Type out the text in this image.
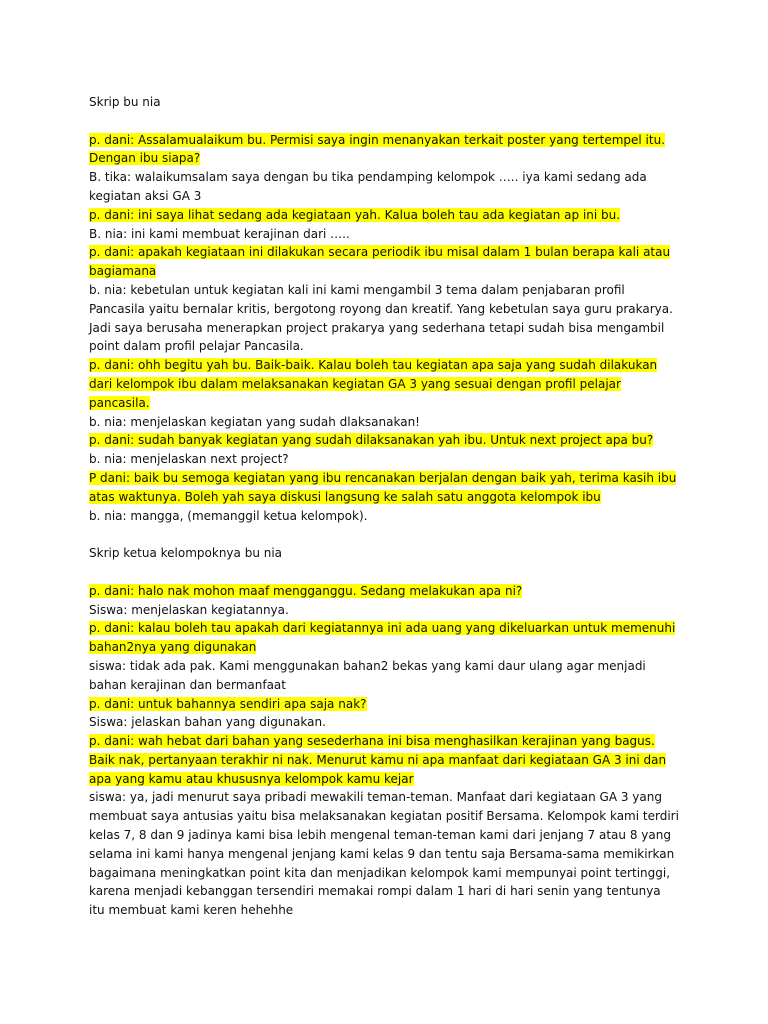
Skrip bu nia

p. dani: Assalamualaikum bu. Permisi saya ingin menanyakan terkait poster yang tertempel itu. Dengan ibu siapa?

B. tika: walaikumsalam saya dengan bu tika pendamping kelompok ….. iya kami sedang ada kegiatan aksi GA 3

p. dani: ini saya lihat sedang ada kegiataan yah. Kalua boleh tau ada kegiatan ap ini bu.

B. nia: ini kami membuat kerajinan dari …..

p. dani: apakah kegiataan ini dilakukan secara periodik ibu misal dalam 1 bulan berapa kali atau bagiamana

b. nia: kebetulan untuk kegiatan kali ini kami mengambil 3 tema dalam penjabaran profil Pancasila yaitu bernalar kritis, bergotong royong dan kreatif. Yang kebetulan saya guru prakarya. Jadi saya berusaha menerapkan project prakarya yang sederhana tetapi sudah bisa mengambil point dalam profil pelajar Pancasila.

p. dani: ohh begitu yah bu. Baik-baik. Kalau boleh tau kegiatan apa saja yang sudah dilakukan dari kelompok ibu dalam melaksanakan kegiatan GA 3 yang sesuai dengan profil pelajar pancasila.

b. nia: menjelaskan kegiatan yang sudah dlaksanakan!

p. dani: sudah banyak kegiatan yang sudah dilaksanakan yah ibu. Untuk next project apa bu?

b. nia: menjelaskan next project?

P dani: baik bu semoga kegiatan yang ibu rencanakan berjalan dengan baik yah, terima kasih ibu atas waktunya. Boleh yah saya diskusi langsung ke salah satu anggota kelompok ibu

b. nia: mangga, (memanggil ketua kelompok).

Skrip ketua kelompoknya bu nia

p. dani: halo nak mohon maaf mengganggu. Sedang melakukan apa ni?

Siswa: menjelaskan kegiatannya.

p. dani: kalau boleh tau apakah dari kegiatannya ini ada uang yang dikeluarkan untuk memenuhi bahan2nya yang digunakan

siswa: tidak ada pak. Kami menggunakan bahan2 bekas yang kami daur ulang agar menjadi bahan kerajinan dan bermanfaat

p. dani: untuk bahannya sendiri apa saja nak?

Siswa: jelaskan bahan yang digunakan.

p. dani: wah hebat dari bahan yang sesederhana ini bisa menghasilkan kerajinan yang bagus. Baik nak, pertanyaan terakhir ni nak. Menurut kamu ni apa manfaat dari kegiataan GA 3 ini dan apa yang kamu atau khususnya kelompok kamu kejar

siswa: ya, jadi menurut saya pribadi mewakili teman-teman. Manfaat dari kegiataan GA 3 yang membuat saya antusias yaitu bisa melaksanakan kegiatan positif Bersama. Kelompok kami terdiri kelas 7, 8 dan 9 jadinya kami bisa lebih mengenal teman-teman kami dari jenjang 7 atau 8 yang selama ini kami hanya mengenal jenjang kami kelas 9 dan tentu saja Bersama-sama memikirkan bagaimana meningkatkan point kita dan menjadikan kelompok kami mempunyai point tertinggi, karena menjadi kebanggan tersendiri memakai rompi dalam 1 hari di hari senin yang tentunya itu membuat kami keren hehehhe
